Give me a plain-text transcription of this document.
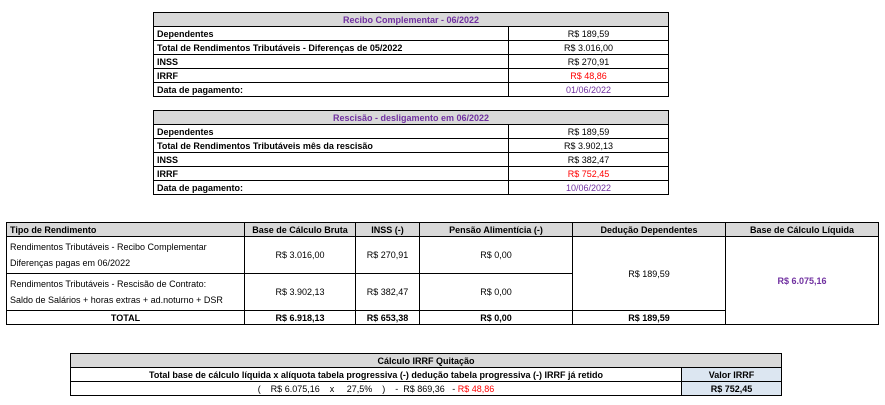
Recibo Complementar - 06/2022	
Dependentes	R$ 189,59
Total de Rendimentos Tributáveis - Diferenças de 05/2022	R$ 3.016,00
INSS	R$ 270,91
IRRF	R$ 48,86
Data de pagamento:	01/06/2022
Rescisão - desligamento em 06/2022	
Dependentes	R$ 189,59
Total de Rendimentos Tributáveis mês da rescisão	R$ 3.902,13
INSS	R$ 382,47
IRRF	R$ 752,45
Data de pagamento:	10/06/2022
Tipo de Rendimento	Base de Cálculo Bruta	INSS (-)	Pensão Alimentícia (-)	Dedução Dependentes	Base de Cálculo Líquida
Rendimentos Tributáveis - Recibo Complementar
Diferenças pagas em 06/2022	R$ 3.016,00	R$ 270,91	R$ 0,00	R$ 189,59	R$ 6.075,16
Rendimentos Tributáveis - Rescisão de Contrato:
Saldo de Salários + horas extras + ad.noturno + DSR	R$ 3.902,13	R$ 382,47	R$ 0,00		
TOTAL	R$ 6.918,13	R$ 653,38	R$ 0,00	R$ 189,59	
Cálculo IRRF Quitação	
Total base de cálculo líquida x alíquota tabela progressiva (-) dedução tabela progressiva (-) IRRF já retido	Valor IRRF
(    R$ 6.075,16    x     27,5%    )    -  R$ 869,36   - R$ 48,86	R$ 752,45
